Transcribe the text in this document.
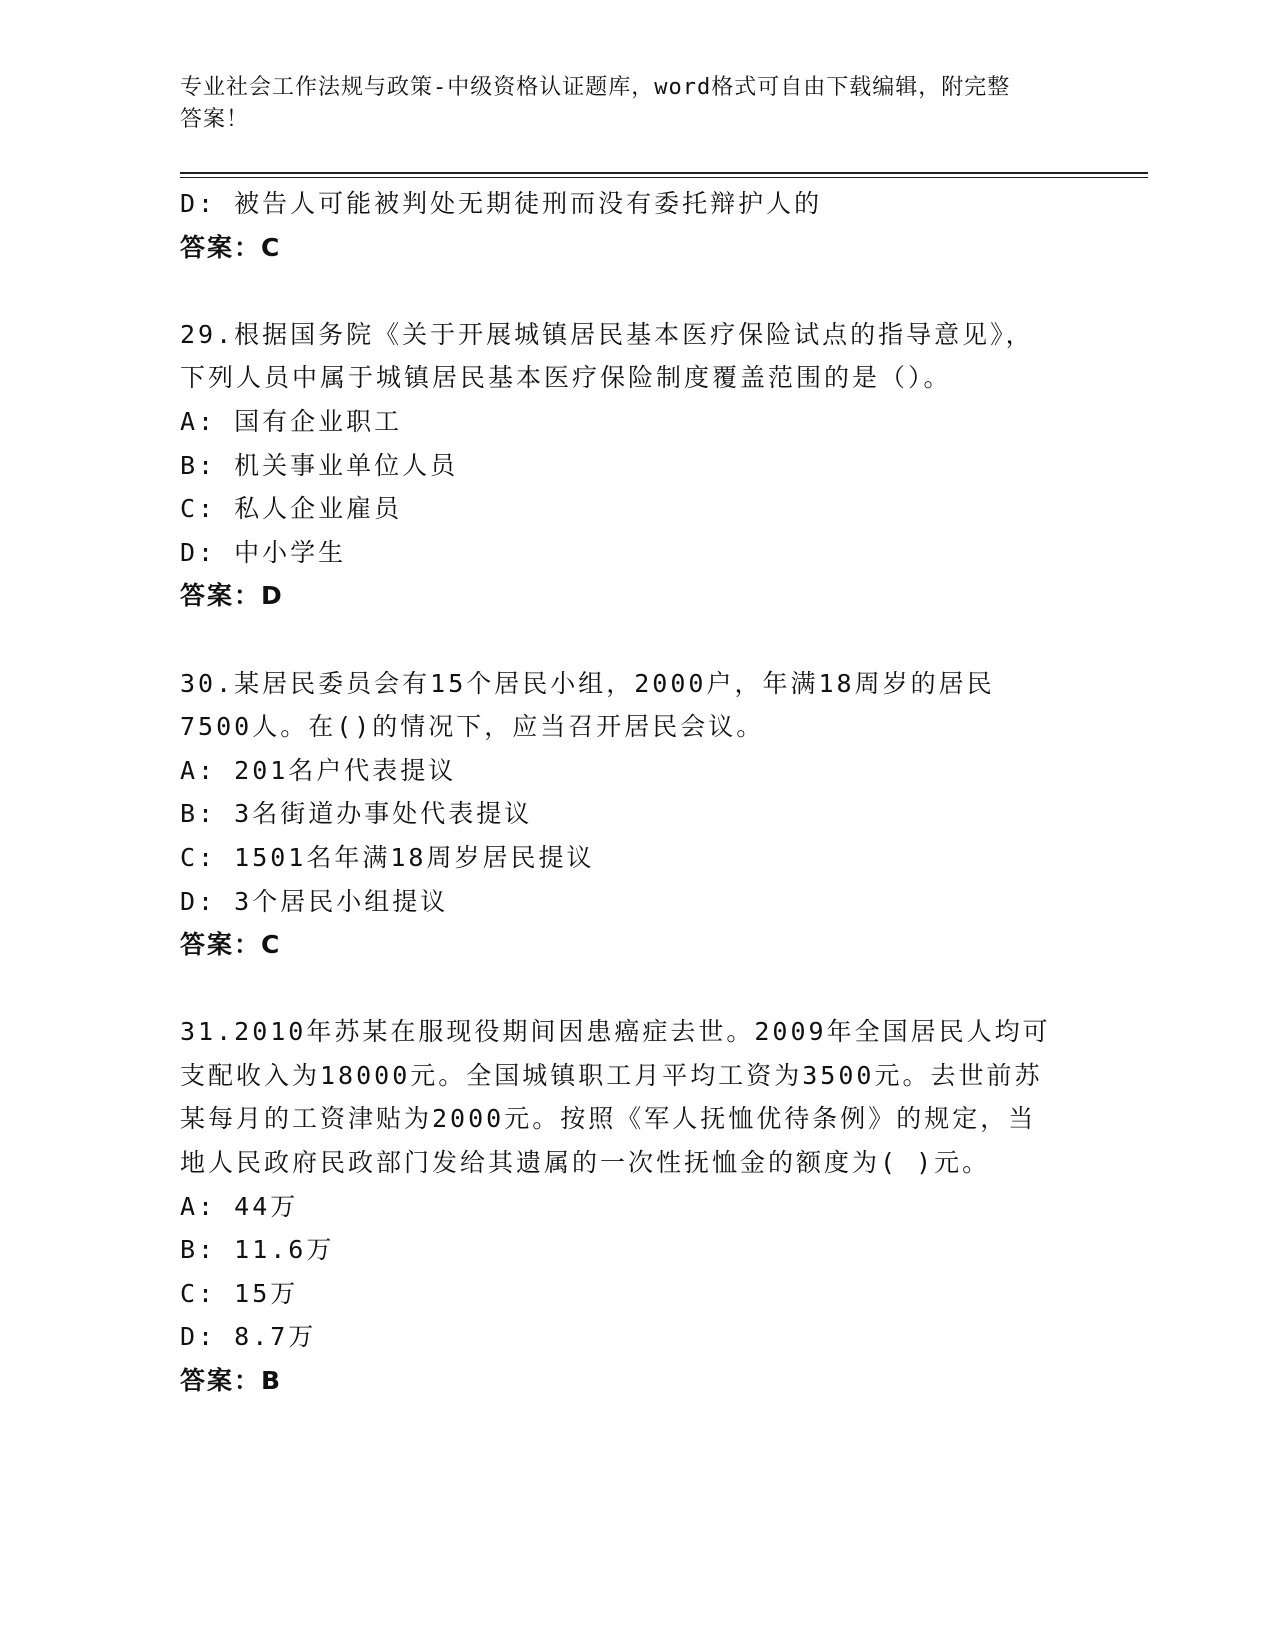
专业社会工作法规与政策-中级资格认证题库，word格式可自由下载编辑，附完整
答案！
D: 被告人可能被判处无期徒刑而没有委托辩护人的
答案：C
29.根据国务院《关于开展城镇居民基本医疗保险试点的指导意见》，
下列人员中属于城镇居民基本医疗保险制度覆盖范围的是（）。
A: 国有企业职工
B: 机关事业单位人员
C: 私人企业雇员
D: 中小学生
答案：D
30.某居民委员会有15个居民小组，2000户，年满18周岁的居民
7500人。在()的情况下，应当召开居民会议。
A: 201名户代表提议
B: 3名街道办事处代表提议
C: 1501名年满18周岁居民提议
D: 3个居民小组提议
答案：C
31.2010年苏某在服现役期间因患癌症去世。2009年全国居民人均可
支配收入为18000元。全国城镇职工月平均工资为3500元。去世前苏
某每月的工资津贴为2000元。按照《军人抚恤优待条例》的规定，当
地人民政府民政部门发给其遗属的一次性抚恤金的额度为( )元。
A: 44万
B: 11.6万
C: 15万
D: 8.7万
答案：B
